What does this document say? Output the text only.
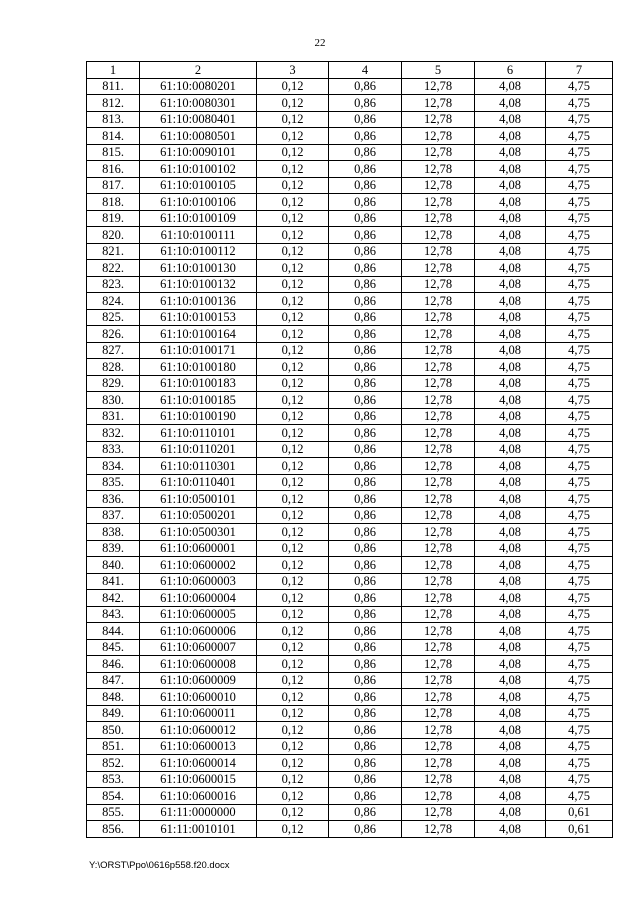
22
1	2	3	4	5	6	7
811.	61:10:0080201	0,12	0,86	12,78	4,08	4,75
812.	61:10:0080301	0,12	0,86	12,78	4,08	4,75
813.	61:10:0080401	0,12	0,86	12,78	4,08	4,75
814.	61:10:0080501	0,12	0,86	12,78	4,08	4,75
815.	61:10:0090101	0,12	0,86	12,78	4,08	4,75
816.	61:10:0100102	0,12	0,86	12,78	4,08	4,75
817.	61:10:0100105	0,12	0,86	12,78	4,08	4,75
818.	61:10:0100106	0,12	0,86	12,78	4,08	4,75
819.	61:10:0100109	0,12	0,86	12,78	4,08	4,75
820.	61:10:0100111	0,12	0,86	12,78	4,08	4,75
821.	61:10:0100112	0,12	0,86	12,78	4,08	4,75
822.	61:10:0100130	0,12	0,86	12,78	4,08	4,75
823.	61:10:0100132	0,12	0,86	12,78	4,08	4,75
824.	61:10:0100136	0,12	0,86	12,78	4,08	4,75
825.	61:10:0100153	0,12	0,86	12,78	4,08	4,75
826.	61:10:0100164	0,12	0,86	12,78	4,08	4,75
827.	61:10:0100171	0,12	0,86	12,78	4,08	4,75
828.	61:10:0100180	0,12	0,86	12,78	4,08	4,75
829.	61:10:0100183	0,12	0,86	12,78	4,08	4,75
830.	61:10:0100185	0,12	0,86	12,78	4,08	4,75
831.	61:10:0100190	0,12	0,86	12,78	4,08	4,75
832.	61:10:0110101	0,12	0,86	12,78	4,08	4,75
833.	61:10:0110201	0,12	0,86	12,78	4,08	4,75
834.	61:10:0110301	0,12	0,86	12,78	4,08	4,75
835.	61:10:0110401	0,12	0,86	12,78	4,08	4,75
836.	61:10:0500101	0,12	0,86	12,78	4,08	4,75
837.	61:10:0500201	0,12	0,86	12,78	4,08	4,75
838.	61:10:0500301	0,12	0,86	12,78	4,08	4,75
839.	61:10:0600001	0,12	0,86	12,78	4,08	4,75
840.	61:10:0600002	0,12	0,86	12,78	4,08	4,75
841.	61:10:0600003	0,12	0,86	12,78	4,08	4,75
842.	61:10:0600004	0,12	0,86	12,78	4,08	4,75
843.	61:10:0600005	0,12	0,86	12,78	4,08	4,75
844.	61:10:0600006	0,12	0,86	12,78	4,08	4,75
845.	61:10:0600007	0,12	0,86	12,78	4,08	4,75
846.	61:10:0600008	0,12	0,86	12,78	4,08	4,75
847.	61:10:0600009	0,12	0,86	12,78	4,08	4,75
848.	61:10:0600010	0,12	0,86	12,78	4,08	4,75
849.	61:10:0600011	0,12	0,86	12,78	4,08	4,75
850.	61:10:0600012	0,12	0,86	12,78	4,08	4,75
851.	61:10:0600013	0,12	0,86	12,78	4,08	4,75
852.	61:10:0600014	0,12	0,86	12,78	4,08	4,75
853.	61:10:0600015	0,12	0,86	12,78	4,08	4,75
854.	61:10:0600016	0,12	0,86	12,78	4,08	4,75
855.	61:11:0000000	0,12	0,86	12,78	4,08	0,61
856.	61:11:0010101	0,12	0,86	12,78	4,08	0,61
Y:\ORST\Ppo\0616p558.f20.docx
